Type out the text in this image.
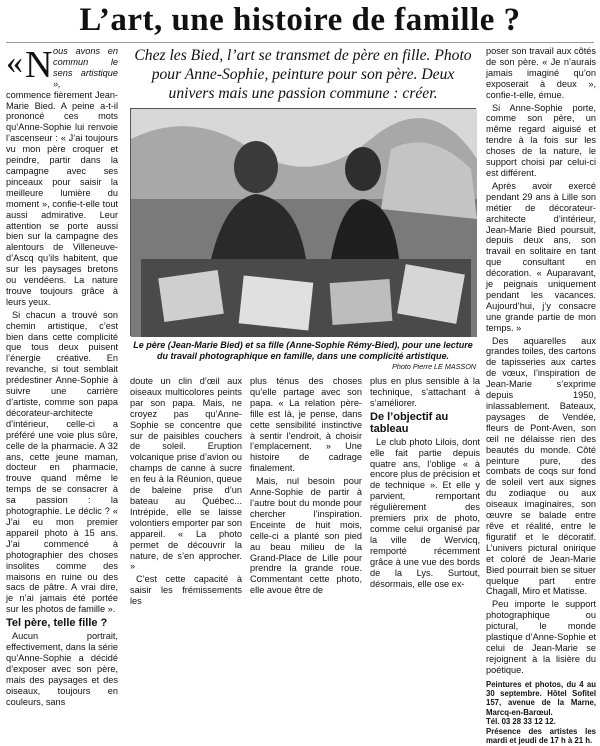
L’art, une histoire de famille ?
« N ous avons en commun le sens artistique »,

commence fièrement Jean-Marie Bied. A peine a-t-il prononcé ces mots qu’Anne-Sophie lui renvoie l’ascenseur : « J’ai toujours vu mon père croquer et peindre, partir dans la campagne avec ses pinceaux pour saisir la meilleure lumière du moment », confie-t-elle tout aussi admirative. Leur attention se porte aussi bien sur la campagne des alentours de Villeneuve-d’Ascq qu’ils habitent, que sur les paysages bretons ou vendéens. La nature trouve toujours grâce à leurs yeux.

Si chacun a trouvé son chemin artistique, c’est bien dans cette complicité que tous deux puisent l’énergie créative. En revanche, si tout semblait prédestiner Anne-Sophie à suivre une carrière d’artiste, comme son papa décorateur-architecte d’intérieur, celle-ci a préféré une voie plus sûre, celle de la pharmacie. A 32 ans, cette jeune maman, docteur en pharmacie, trouve quand même le temps de se consacrer à sa passion : la photographie. Le déclic ? « J’ai eu mon premier appareil photo à 15 ans. J’ai commencé à photographier des choses insolites comme des maisons en ruine ou des sacs de pâtre. A vrai dire, je n’ai jamais été portée sur les photos de famille ».

Tel père, telle fille ?

Aucun portrait, effectivement, dans la série qu’Anne-Sophie a décidé d’exposer avec son père, mais des paysages et des oiseaux, toujours en couleurs, sans

Chez les Bied, l’art se transmet de père en fille. Photo pour Anne-Sophie, peinture pour son père. Deux univers mais une passion commune : créer.
Le père (Jean-Marie Bied) et sa fille (Anne-Sophie Rémy-Bied), pour une lecture du travail photographique en famille, dans une complicité artistique.
Photo Pierre LE MASSON

doute un clin d’œil aux oiseaux multicolores peints par son papa. Mais, ne croyez pas qu’Anne-Sophie se concentre que sur de paisibles couchers de soleil. Eruption volcanique prise d’avion ou champs de canne à sucre en feu à la Réunion, queue de baleine prise d’un bateau au Québec... Intrépide, elle se laisse volontiers emporter par son appareil. « La photo permet de découvrir la nature, de s’en approcher. »

C’est cette capacité à saisir les frémissements les

plus ténus des choses qu’elle partage avec son papa. « La relation père-fille est là, je pense, dans cette sensibilité instinctive à sentir l’endroit, à choisir l’emplacement. » Une histoire de cadrage finalement.

Mais, nul besoin pour Anne-Sophie de partir à l’autre bout du monde pour chercher l’inspiration. Enceinte de huit mois, celle-ci a planté son pied au beau milieu de la Grand-Place de Lille pour prendre la grande roue. Commentant cette photo, elle avoue être de

plus en plus sensible à la technique, s’attachant à s’améliorer.

De l’objectif au tableau

Le club photo Lilois, dont elle fait partie depuis quatre ans, l’oblige « à encore plus de précision et de technique ». Et elle y parvient, remportant régulièrement des premiers prix de photo, comme celui organisé par la ville de Wervicq, remporté récemment grâce à une vue des bords de la Lys. Surtout, désormais, elle ose ex-

poser son travail aux côtés de son père. « Je n’aurais jamais imaginé qu’on exposerait à deux », confie-t-elle, émue.

Si Anne-Sophie porte, comme son père, un même regard aiguisé et tendre à la fois sur les choses de la nature, le support choisi par celui-ci est différent.

Après avoir exercé pendant 29 ans à Lille son métier de décorateur-architecte d’intérieur, Jean-Marie Bied poursuit, depuis deux ans, son travail en solitaire en tant que consultant en décoration. « Auparavant, je peignais uniquement pendant les vacances. Aujourd’hui, j’y consacre une grande partie de mon temps. »

Des aquarelles aux grandes toiles, des cartons de tapisseries aux cartes de vœux, l’inspiration de Jean-Marie s’exprime depuis 1950, inlassablement. Bateaux, paysages de Vendée, fleurs de Pont-Aven, son œil ne délaisse rien des beautés du monde. Côté peinture pure, des combats de coqs sur fond de soleil vert aux signes du zodiaque ou aux oiseaux imaginaires, son œuvre se balade entre rêve et réalité, entre le figuratif et le décoratif. L’univers pictural onirique et coloré de Jean-Marie Bied pourrait bien se situer quelque part entre Chagall, Miro et Matisse.

Peu importe le support photographique ou pictural, le monde plastique d’Anne-Sophie et celui de Jean-Marie se rejoignent à la lisière du poétique.

Peintures et photos, du 4 au 30 septembre. Hôtel Sofitel 157, avenue de la Marne, Marcq-en-Barœul.
Tél. 03 28 33 12 12.
Présence des artistes les mardi et jeudi de 17 h à 21 h.
